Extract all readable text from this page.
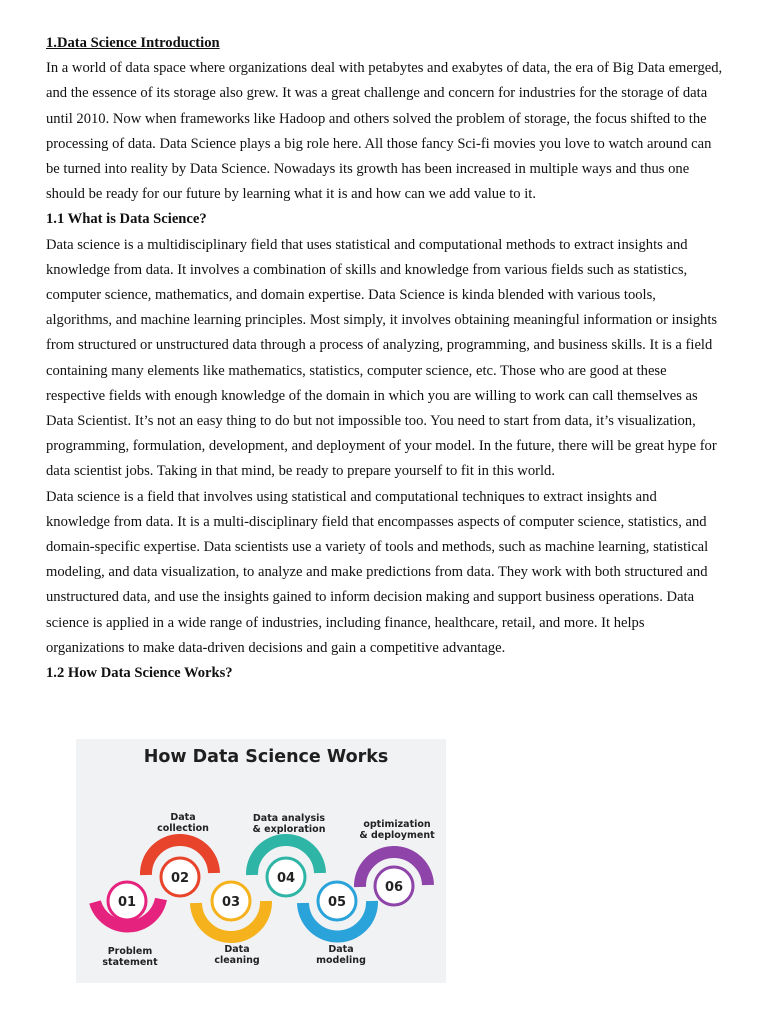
1.Data Science Introduction

In a world of data space where organizations deal with petabytes and exabytes of data, the era of Big Data emerged, and the essence of its storage also grew. It was a great challenge and concern for industries for the storage of data until 2010. Now when frameworks like Hadoop and others solved the problem of storage, the focus shifted to the processing of data. Data Science plays a big role here. All those fancy Sci-fi movies you love to watch around can be turned into reality by Data Science. Nowadays its growth has been increased in multiple ways and thus one should be ready for our future by learning what it is and how can we add value to it.

1.1 What is Data Science?

Data science is a multidisciplinary field that uses statistical and computational methods to extract insights and knowledge from data. It involves a combination of skills and knowledge from various fields such as statistics, computer science, mathematics, and domain expertise. Data Science is kinda blended with various tools, algorithms, and machine learning principles. Most simply, it involves obtaining meaningful information or insights from structured or unstructured data through a process of analyzing, programming, and business skills. It is a field containing many elements like mathematics, statistics, computer science, etc. Those who are good at these respective fields with enough knowledge of the domain in which you are willing to work can call themselves as Data Scientist. It’s not an easy thing to do but not impossible too. You need to start from data, it’s visualization, programming, formulation, development, and deployment of your model. In the future, there will be great hype for data scientist jobs. Taking in that mind, be ready to prepare yourself to fit in this world.

Data science is a field that involves using statistical and computational techniques to extract insights and knowledge from data. It is a multi-disciplinary field that encompasses aspects of computer science, statistics, and domain-specific expertise. Data scientists use a variety of tools and methods, such as machine learning, statistical modeling, and data visualization, to analyze and make predictions from data. They work with both structured and unstructured data, and use the insights gained to inform decision making and support business operations. Data science is applied in a wide range of industries, including finance, healthcare, retail, and more. It helps organizations to make data-driven decisions and gain a competitive advantage.

1.2 How Data Science Works?

How Data Science Works
01
02
03
04
05
06
Data
collection
Data analysis
& exploration	optimization
& deployment
Problem
statement
Data
cleaning
Data
modeling
